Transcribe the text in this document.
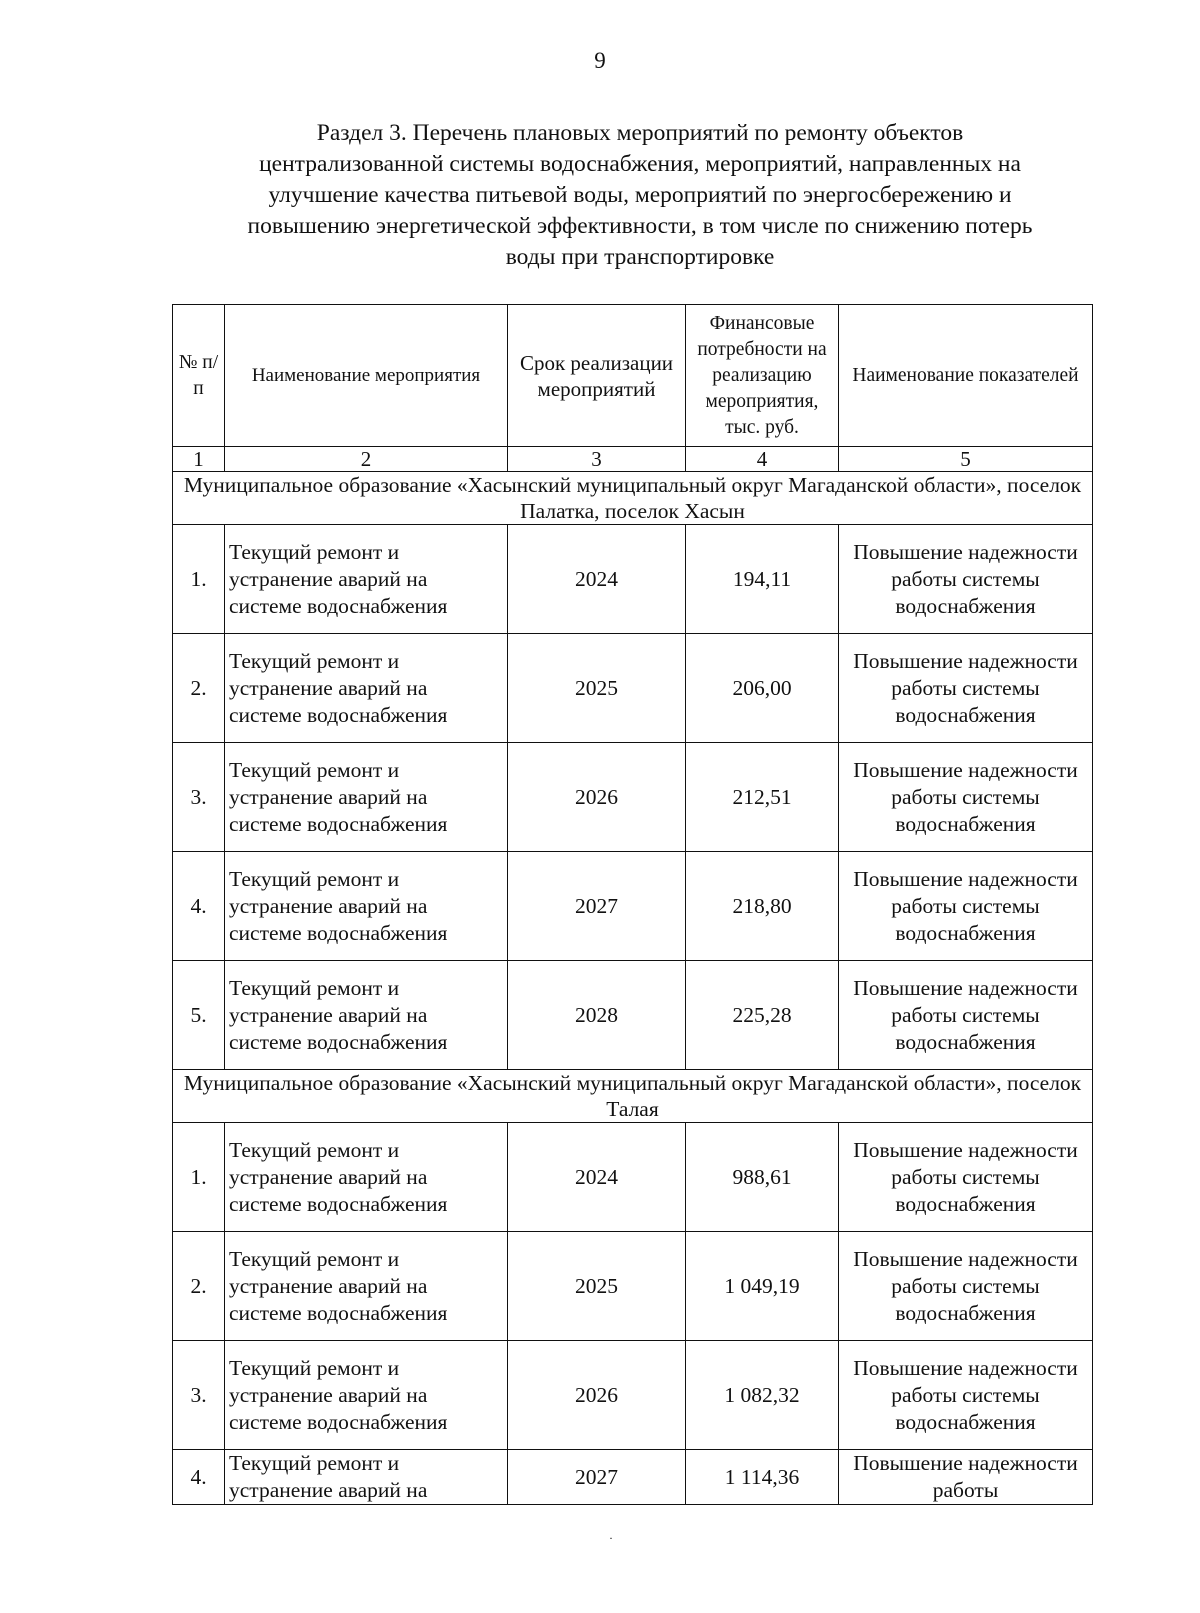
9
Раздел 3. Перечень плановых мероприятий по ремонту объектов
централизованной системы водоснабжения, мероприятий, направленных на
улучшение качества питьевой воды, мероприятий по энергосбережению и
повышению энергетической эффективности, в том числе по снижению потерь
воды при транспортировке
№ п/п	Наименование мероприятия	Срок реализации мероприятий	Финансовые потребности на реализацию мероприятия, тыс. руб.	Наименование показателей
1	2	3	4	5
Муниципальное образование «Хасынский муниципальный округ Магаданской области», поселок Палатка, поселок Хасын				
1.	Текущий ремонт и устранение аварий на системе водоснабжения	2024	194,11	Повышение надежности работы системы водоснабжения
2.	Текущий ремонт и устранение аварий на системе водоснабжения	2025	206,00	Повышение надежности работы системы водоснабжения
3.	Текущий ремонт и устранение аварий на системе водоснабжения	2026	212,51	Повышение надежности работы системы водоснабжения
4.	Текущий ремонт и устранение аварий на системе водоснабжения	2027	218,80	Повышение надежности работы системы водоснабжения
5.	Текущий ремонт и устранение аварий на системе водоснабжения	2028	225,28	Повышение надежности работы системы водоснабжения
Муниципальное образование «Хасынский муниципальный округ Магаданской области», поселок Талая				
1.	Текущий ремонт и устранение аварий на системе водоснабжения	2024	988,61	Повышение надежности работы системы водоснабжения
2.	Текущий ремонт и устранение аварий на системе водоснабжения	2025	1 049,19	Повышение надежности работы системы водоснабжения
3.	Текущий ремонт и устранение аварий на системе водоснабжения	2026	1 082,32	Повышение надежности работы системы водоснабжения
4.	Текущий ремонт и устранение аварий на	2027	1 114,36	Повышение надежности работы
·
